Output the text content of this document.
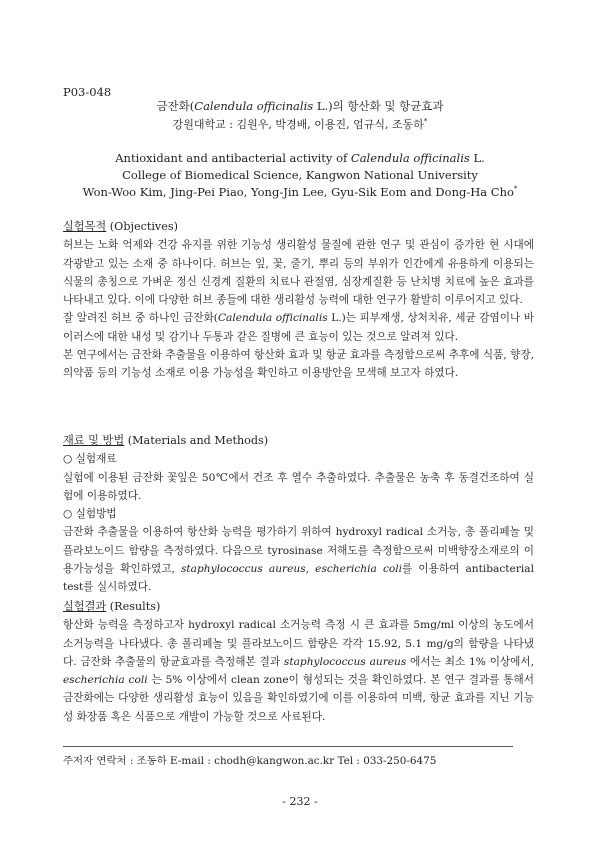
P03-048
금잔화(Calendula officinalis L.)의 항산화 및 항균효과
강원대학교 : 김원우, 박경배, 이용진, 엄규식, 조동하*
Antioxidant and antibacterial activity of Calendula officinalis L.
College of Biomedical Science, Kangwon National University
Won-Woo Kim, Jing-Pei Piao, Yong-Jin Lee, Gyu-Sik Eom and Dong-Ha Cho*
실험목적 (Objectives)
허브는 노화 억제와 건강 유지를 위한 기능성 생리활성 물질에 관한 연구 및 관심이 증가한 현 시대에 각광받고 있는 소재 중 하나이다. 허브는 잎, 꽃, 줄기, 뿌리 등의 부위가 인간에게 유용하게 이용되는 식물의 총칭으로 가벼운 정신 신경계 질환의 치료나 관절염, 심장계질환 등 난치병 치료에 높은 효과를 나타내고 있다. 이에 다양한 허브 종들에 대한 생리활성 능력에 대한 연구가 활발히 이루어지고 있다.
잘 알려진 허브 중 하나인 금잔화(Calendula officinalis L.)는 피부재생, 상처치유, 세균 감염이나 바이러스에 대한 내성 및 감기나 두통과 같은 질병에 큰 효능이 있는 것으로 알려져 있다.
본 연구에서는 금잔화 추출물을 이용하여 항산화 효과 및 항균 효과를 측정함으로써 추후에 식품, 향장, 의약품 등의 기능성 소재로 이용 가능성을 확인하고 이용방안을 모색해 보고자 하였다.
재료 및 방법 (Materials and Methods)
○ 실험재료
실험에 이용된 금잔화 꽃잎은 50℃에서 건조 후 열수 추출하였다. 추출물은 농축 후 동결건조하여 실험에 이용하였다.
○ 실험방법
금잔화 추출물을 이용하여 항산화 능력을 평가하기 위하여 hydroxyl radical 소거능, 총 폴리페놀 및 플라보노이드 함량을 측정하였다. 다음으로 tyrosinase 저해도를 측정함으로써 미백향장소재로의 이용가능성을 확인하였고, staphylococcus aureus, escherichia coli를 이용하여 antibacterial test를 실시하였다.
실험결과 (Results)
항산화 능력을 측정하고자 hydroxyl radical 소거능력 측정 시 큰 효과를 5mg/ml 이상의 농도에서 소거능력을 나타냈다. 총 폴리페놀 및 플라보노이드 함량은 각각 15.92, 5.1 mg/g의 함량을 나타냈다. 금잔화 추출물의 항균효과를 측정해본 결과 staphylococcus aureus 에서는 최소 1% 이상에서, escherichia coli 는 5% 이상에서 clean zone이 형성되는 것을 확인하였다. 본 연구 결과를 통해서 금잔화에는 다양한 생리활성 효능이 있음을 확인하였기에 이를 이용하여 미백, 항균 효과를 지닌 기능성 화장품 혹은 식품으로 개발이 가능할 것으로 사료된다.
주저자 연락처 : 조동하 E-mail : chodh@kangwon.ac.kr Tel : 033-250-6475
- 232 -
